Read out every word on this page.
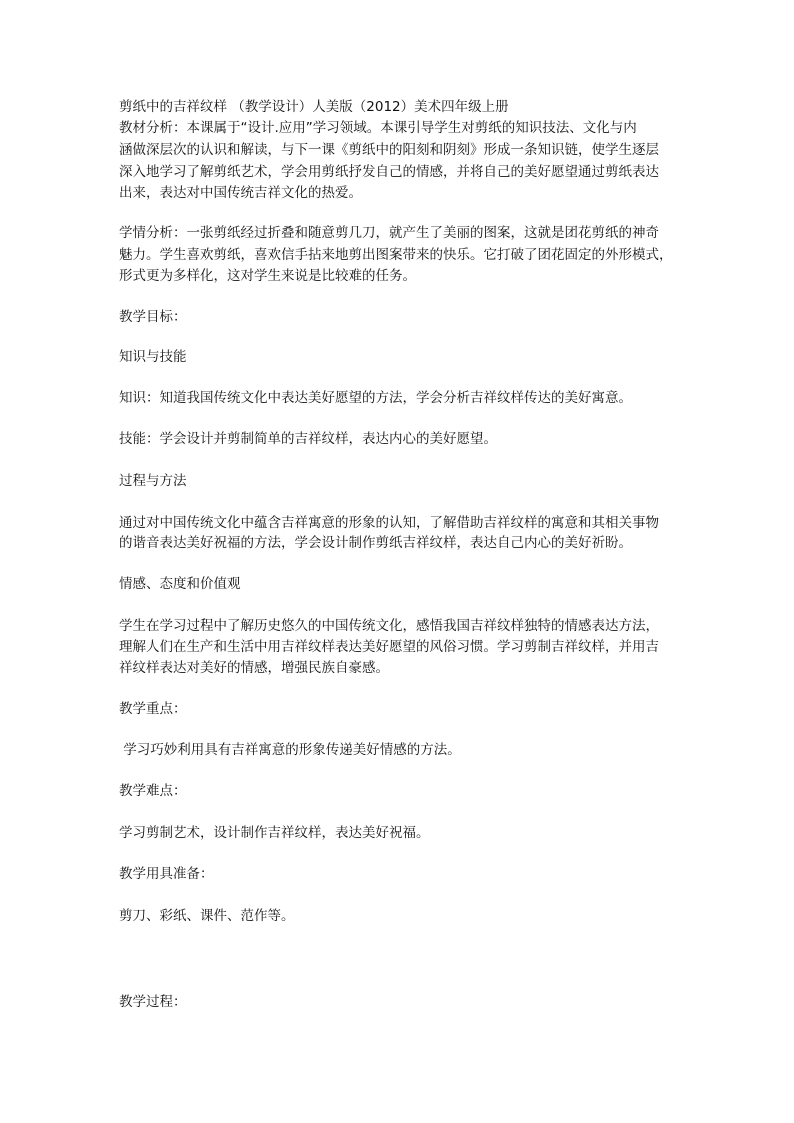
剪纸中的吉祥纹样 （教学设计）人美版（2012）美术四年级上册
教材分析：本课属于“设计.应用”学习领域。本课引导学生对剪纸的知识技法、文化与内
涵做深层次的认识和解读，与下一课《剪纸中的阳刻和阴刻》形成一条知识链，使学生逐层
深入地学习了解剪纸艺术，学会用剪纸抒发自己的情感，并将自己的美好愿望通过剪纸表达
出来，表达对中国传统吉祥文化的热爱。
学情分析：一张剪纸经过折叠和随意剪几刀，就产生了美丽的图案，这就是团花剪纸的神奇
魅力。学生喜欢剪纸，喜欢信手拈来地剪出图案带来的快乐。它打破了团花固定的外形模式，
形式更为多样化，这对学生来说是比较难的任务。
教学目标：
知识与技能
知识：知道我国传统文化中表达美好愿望的方法，学会分析吉祥纹样传达的美好寓意。
技能：学会设计并剪制简单的吉祥纹样，表达内心的美好愿望。
过程与方法
通过对中国传统文化中蕴含吉祥寓意的形象的认知，了解借助吉祥纹样的寓意和其相关事物
的谐音表达美好祝福的方法，学会设计制作剪纸吉祥纹样，表达自己内心的美好祈盼。
情感、态度和价值观
学生在学习过程中了解历史悠久的中国传统文化，感悟我国吉祥纹样独特的情感表达方法，
理解人们在生产和生活中用吉祥纹样表达美好愿望的风俗习惯。学习剪制吉祥纹样，并用吉
祥纹样表达对美好的情感，增强民族自豪感。
教学重点：
学习巧妙利用具有吉祥寓意的形象传递美好情感的方法。
教学难点：
学习剪制艺术，设计制作吉祥纹样，表达美好祝福。
教学用具准备：
剪刀、彩纸、课件、范作等。
教学过程：
